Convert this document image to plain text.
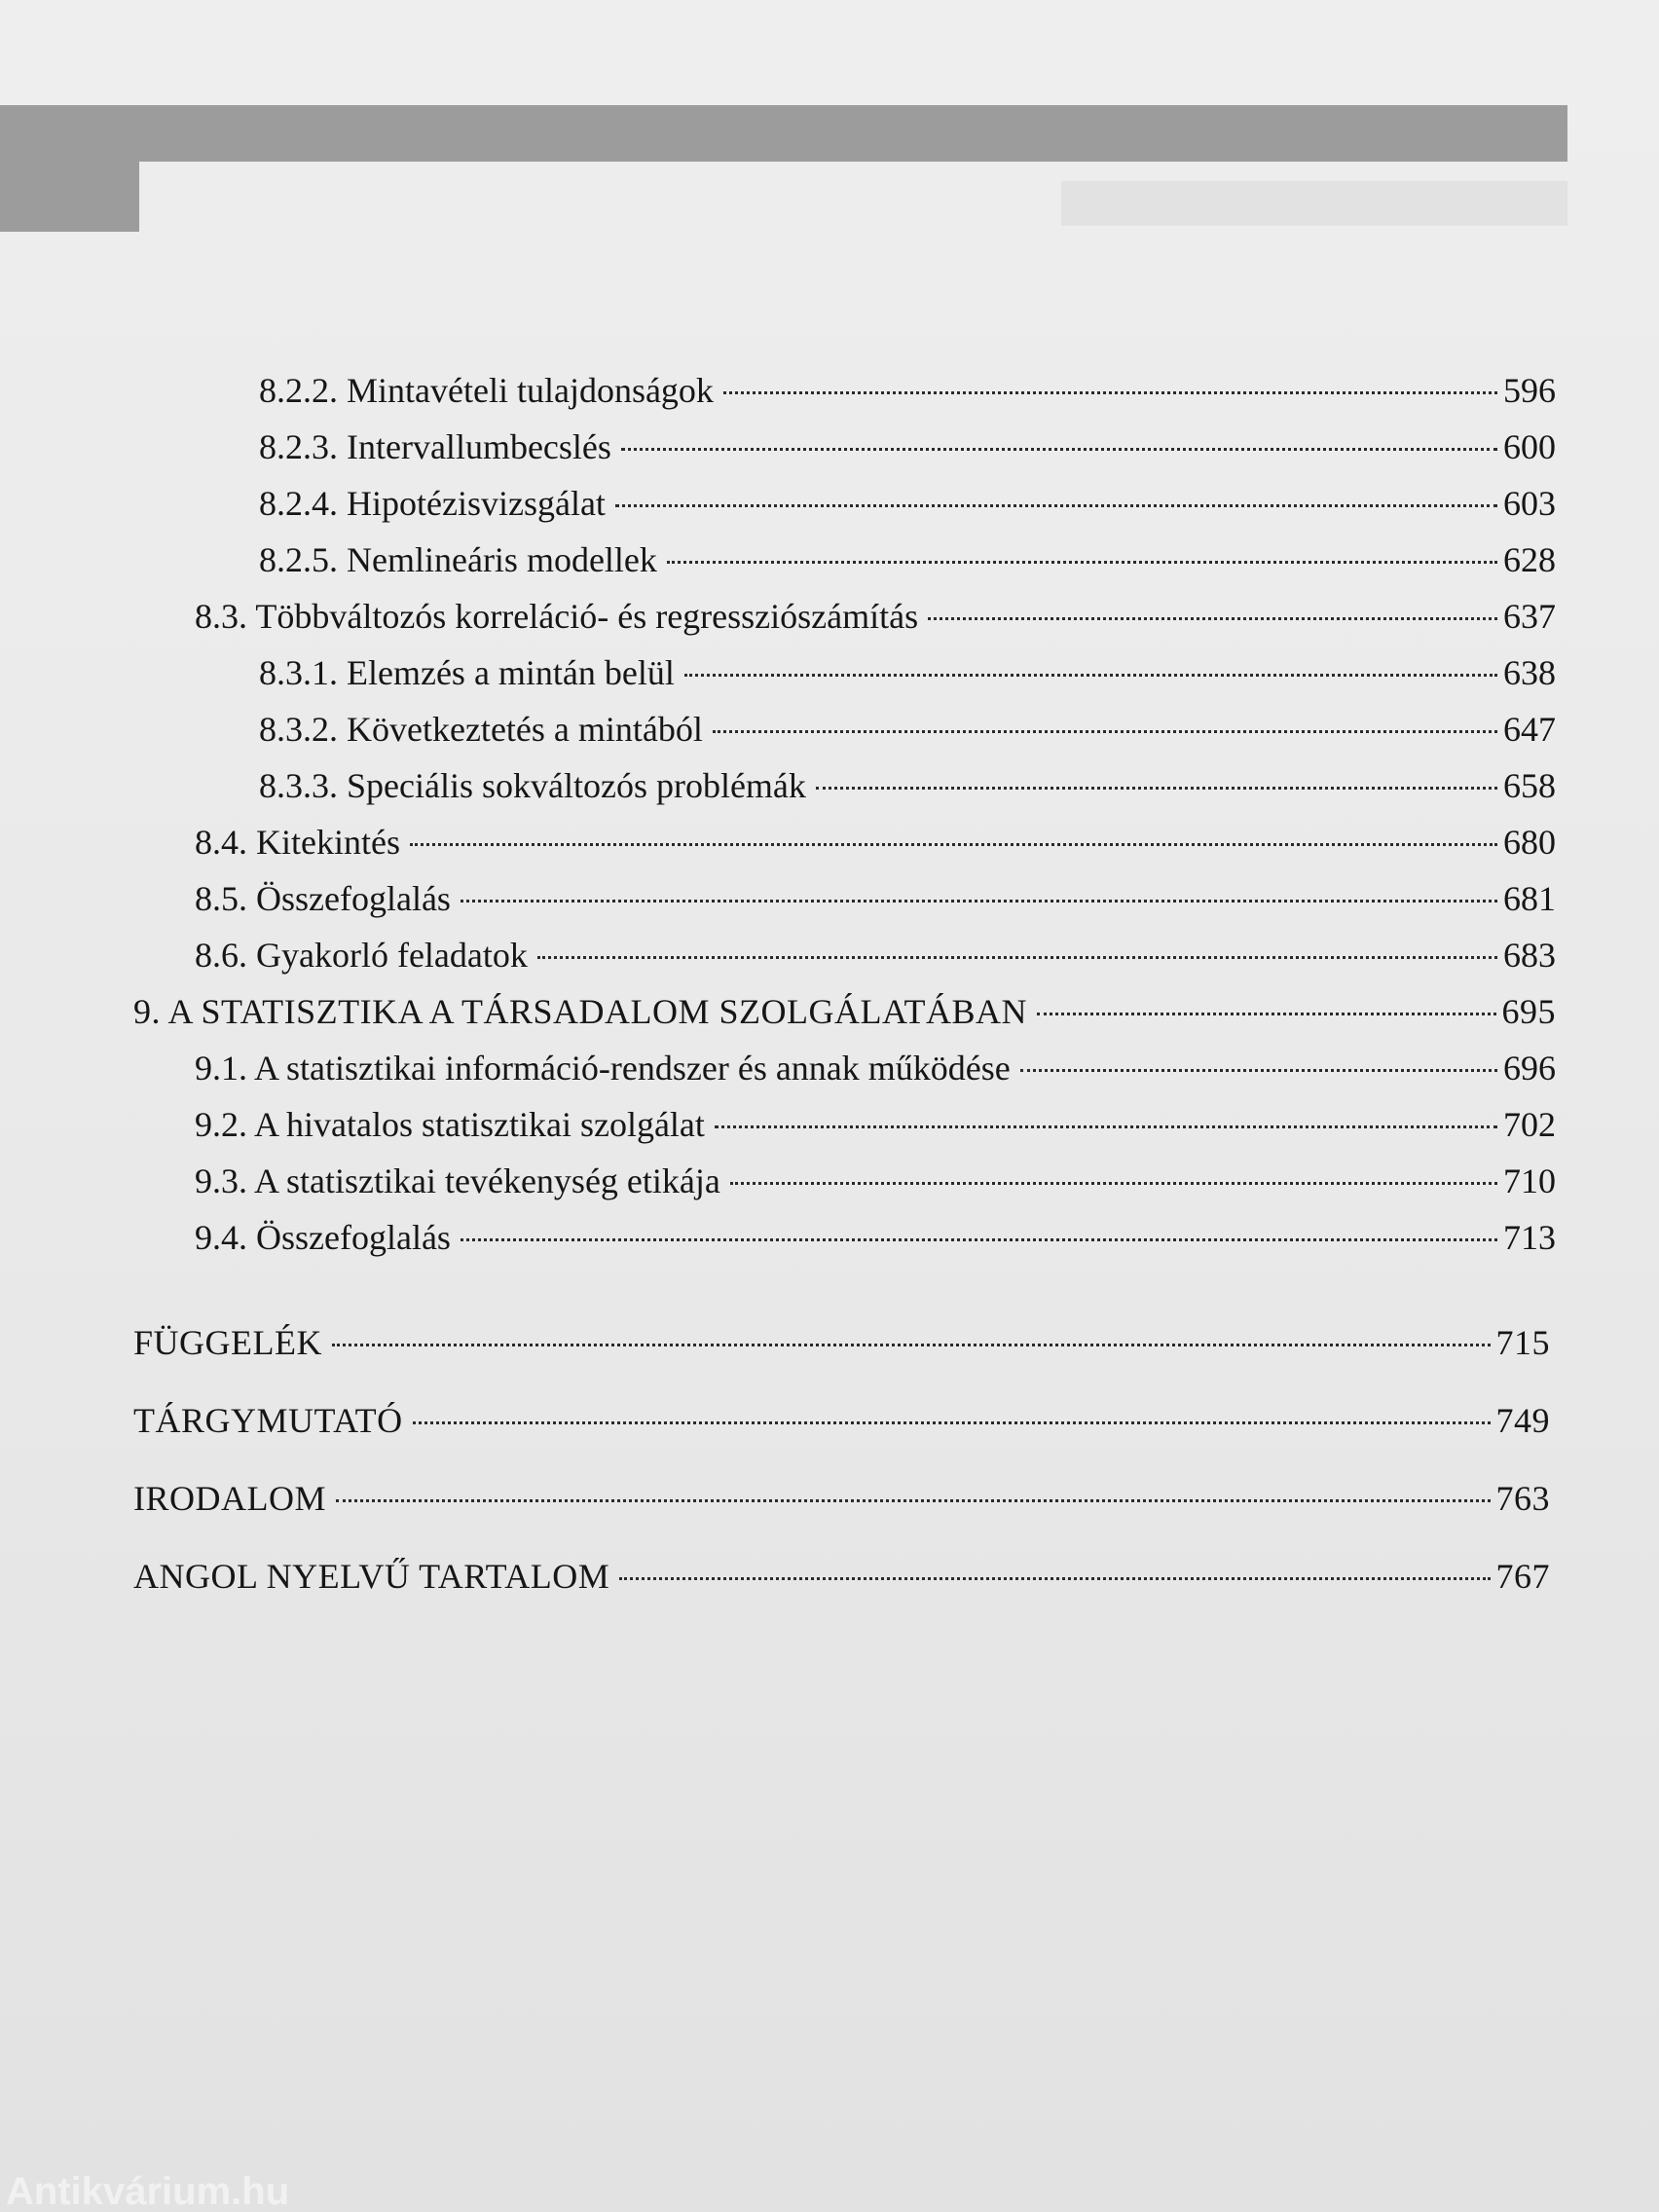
8.2.2. Mintavételi tulajdonságok	596
8.2.3. Intervallumbecslés	600
8.2.4. Hipotézisvizsgálat	603
8.2.5. Nemlineáris modellek	628
8.3. Többváltozós korreláció- és regressziószámítás	637
8.3.1. Elemzés a mintán belül	638
8.3.2. Következtetés a mintából	647
8.3.3. Speciális sokváltozós problémák	658
8.4. Kitekintés	680
8.5. Összefoglalás	681
8.6. Gyakorló feladatok	683
9. A STATISZTIKA A TÁRSADALOM SZOLGÁLATÁBAN	695
9.1. A statisztikai információ-rendszer és annak működése	696
9.2. A hivatalos statisztikai szolgálat	702
9.3. A statisztikai tevékenység etikája	710
9.4. Összefoglalás	713
FÜGGELÉK	715
TÁRGYMUTATÓ	749
IRODALOM	763
ANGOL NYELVŰ TARTALOM	767
Antikvárium.hu
